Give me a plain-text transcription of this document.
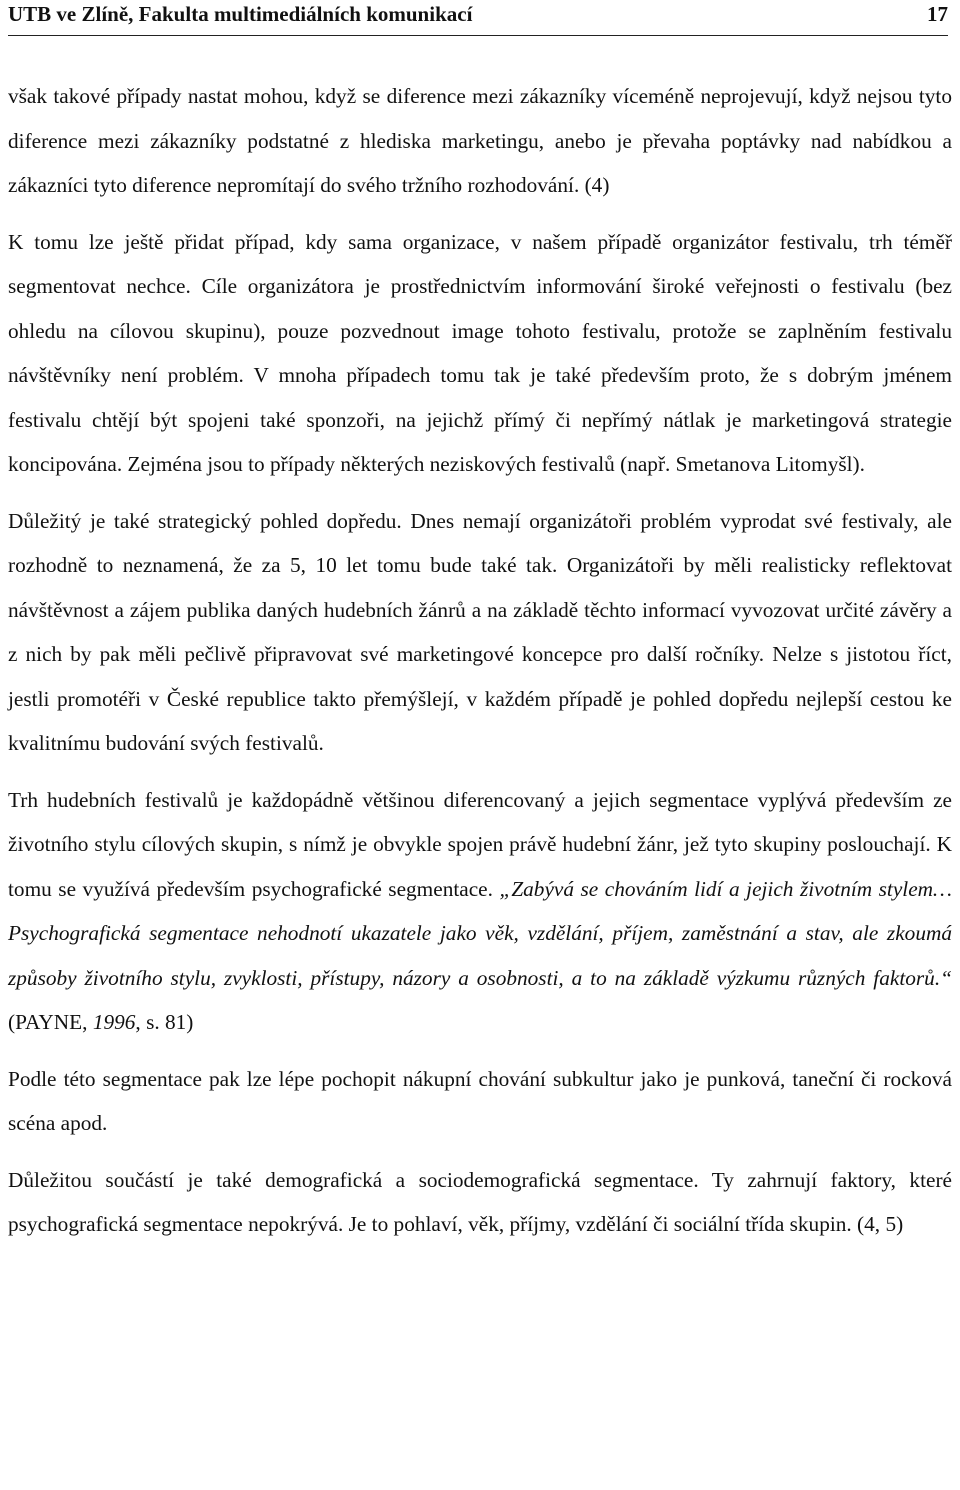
UTB ve Zlíně, Fakulta multimediálních komunikací	17

však takové případy nastat mohou, když se diference mezi zákazníky víceméně neprojevují, když nejsou tyto diference mezi zákazníky podstatné z hlediska marketingu, anebo je převaha poptávky nad nabídkou a zákazníci tyto diference nepromítají do svého tržního rozhodování. (4)

K tomu lze ještě přidat případ, kdy sama organizace, v našem případě organizátor festivalu, trh téměř segmentovat nechce. Cíle organizátora je prostřednictvím informování široké veřejnosti o festivalu (bez ohledu na cílovou skupinu), pouze pozvednout image tohoto festivalu, protože se zaplněním festivalu návštěvníky není problém. V mnoha případech tomu tak je také především proto, že s dobrým jménem festivalu chtějí být spojeni také sponzoři, na jejichž přímý či nepřímý nátlak je marketingová strategie koncipována. Zejména jsou to případy některých neziskových festivalů (např. Smetanova Litomyšl).

Důležitý je také strategický pohled dopředu. Dnes nemají organizátoři problém vyprodat své festivaly, ale rozhodně to neznamená, že za 5, 10 let tomu bude také tak. Organizátoři by měli realisticky reflektovat návštěvnost a zájem publika daných hudebních žánrů a na základě těchto informací vyvozovat určité závěry a z nich by pak měli pečlivě připravovat své marketingové koncepce pro další ročníky. Nelze s jistotou říct, jestli promotéři v České republice takto přemýšlejí, v každém případě je pohled dopředu nejlepší cestou ke kvalitnímu budování svých festivalů.

Trh hudebních festivalů je každopádně většinou diferencovaný a jejich segmentace vyplývá především ze životního stylu cílových skupin, s nímž je obvykle spojen právě hudební žánr, jež tyto skupiny poslouchají. K tomu se využívá především psychografické segmentace. „Zabývá se chováním lidí a jejich životním stylem…Psychografická segmentace nehodnotí ukazatele jako věk, vzdělání, příjem, zaměstnání a stav, ale zkoumá způsoby životního stylu, zvyklosti, přístupy, názory a osobnosti, a to na základě výzkumu různých faktorů.“ (PAYNE, 1996, s. 81)

Podle této segmentace pak lze lépe pochopit nákupní chování subkultur jako je punková, taneční či rocková scéna apod.

Důležitou součástí je také demografická a sociodemografická segmentace. Ty zahrnují faktory, které psychografická segmentace nepokrývá. Je to pohlaví, věk, příjmy, vzdělání či sociální třída skupin. (4, 5)
